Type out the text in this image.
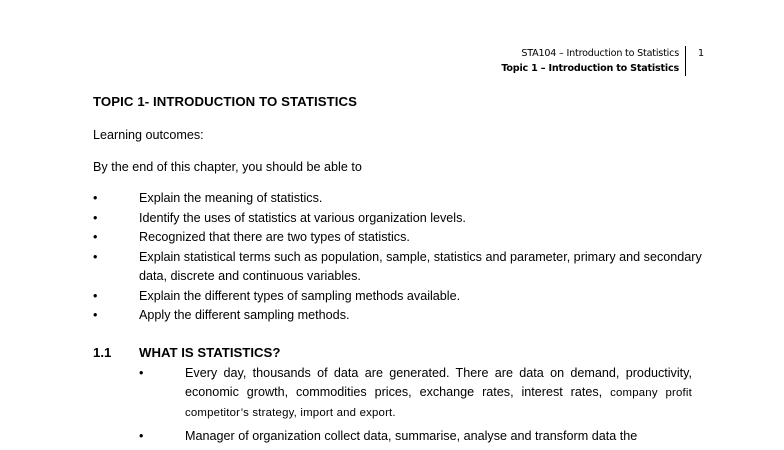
STA104 – Introduction to Statistics
Topic 1 – Introduction to Statistics
1
TOPIC 1- INTRODUCTION TO STATISTICS
Learning outcomes:
By the end of this chapter, you should be able to
•	Explain the meaning of statistics.
•	Identify the uses of statistics at various organization levels.
•	Recognized that there are two types of statistics.
•	Explain statistical terms such as population, sample, statistics and parameter, primary and secondary data, discrete and continuous variables.
•	Explain the different types of sampling methods available.
•	Apply the different sampling methods.
1.1 WHAT IS STATISTICS?
•	Every day, thousands of data are generated. There are data on demand, productivity, economic growth, commodities prices, exchange rates, interest rates, company profit competitor’s strategy, import and export.
•	Manager of organization collect data, summarise, analyse and transform data the
